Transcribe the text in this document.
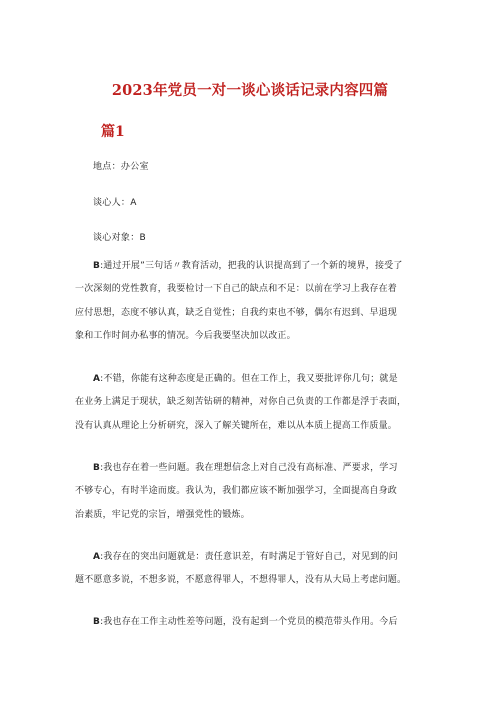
2023年党员一对一谈心谈话记录内容四篇
篇1
地点：办公室
谈心人：A
谈心对象：B
B:通过开展”三句话〃教育活动，把我的认识提高到了一个新的境界，接受了
一次深刻的党性教育，我要检讨一下自己的缺点和不足：以前在学习上我存在着
应付思想，态度不够认真，缺乏自觉性；自我约束也不够，偶尔有迟到、早退现
象和工作时间办私事的情况。今后我要坚决加以改正。
A:不错，你能有这种态度是正确的。但在工作上，我又要批评你几句；就是
在业务上满足于现状，缺乏刻苦钻研的精神，对你自己负责的工作都是浮于表面，
没有认真从理论上分析研究，深入了解关键所在，难以从本质上提高工作质量。
B:我也存在着一些问题。我在理想信念上对自己没有高标准、严要求，学习
不够专心，有时半途而废。我认为，我们都应该不断加强学习，全面提高自身政
治素质，牢记党的宗旨，增强党性的锻炼。
A:我存在的突出问题就是：责任意识差，有时满足于管好自己，对见到的问
题不愿意多说，不想多说，不愿意得罪人，不想得罪人，没有从大局上考虑问题。
B:我也存在工作主动性差等问题，没有起到一个党员的模范带头作用。今后
